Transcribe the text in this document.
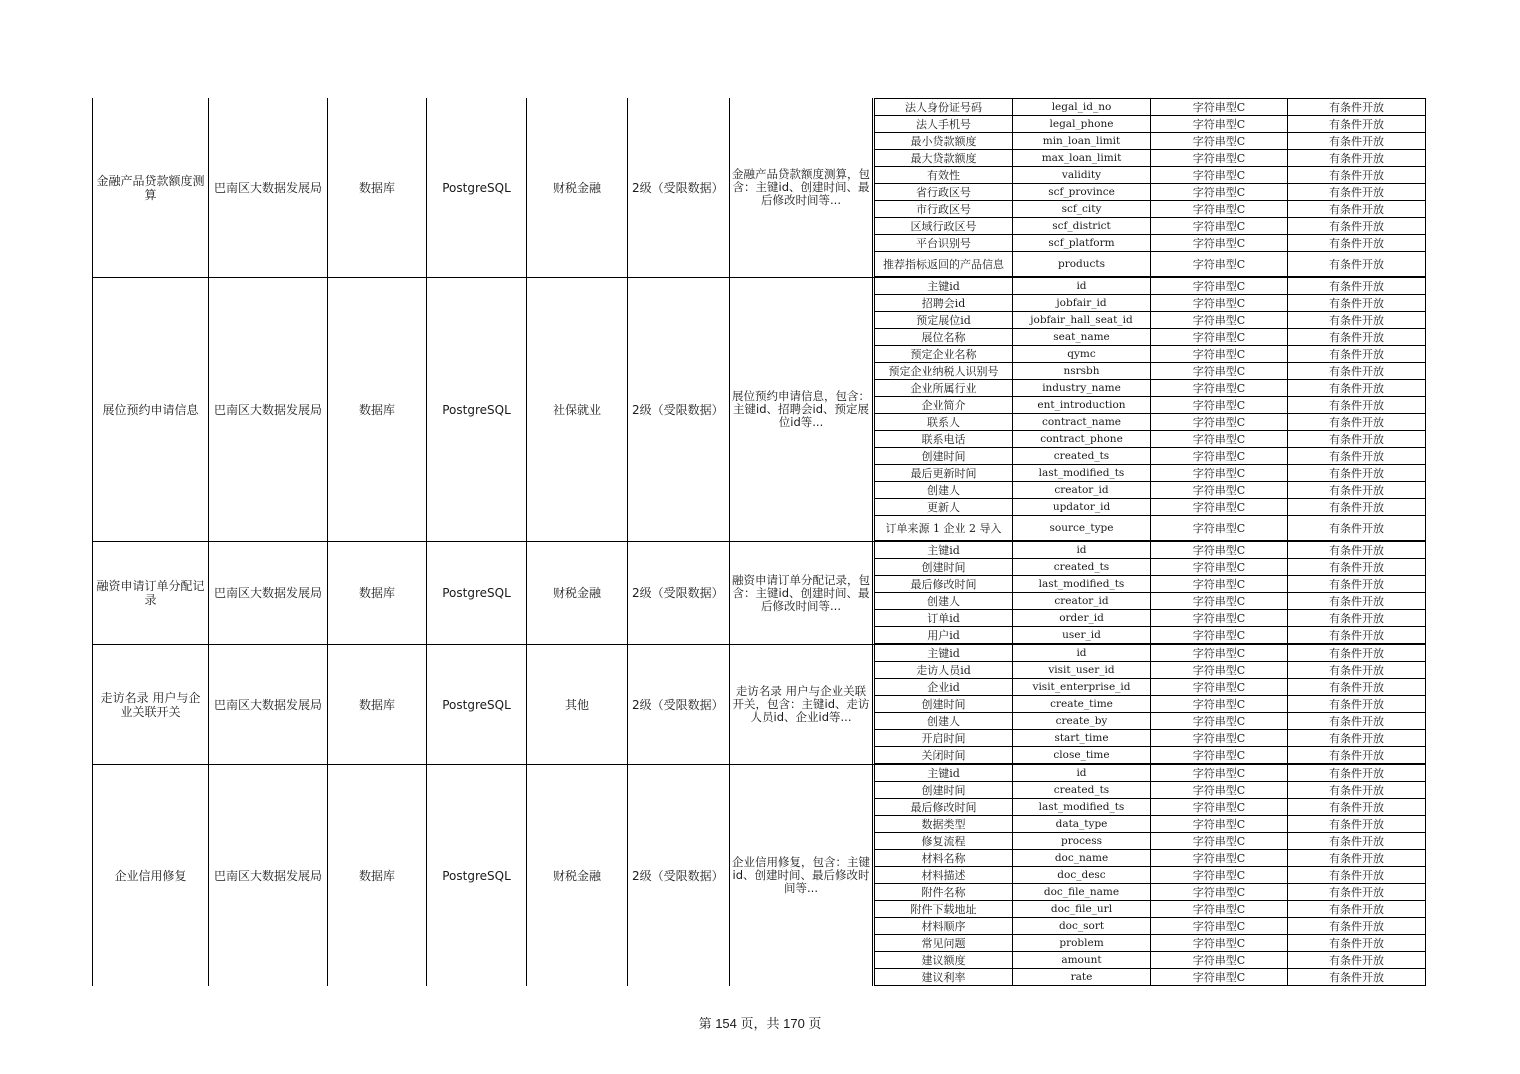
金融产品贷款额度测算	巴南区大数据发展局	数据库	PostgreSQL	财税金融	2级（受限数据）
金融产品贷款额度测算，包含：主键id、创建时间、最后修改时间等...
法人身份证号码	legal_id_no	字符串型C	有条件开放
法人手机号	legal_phone	字符串型C	有条件开放
最小贷款额度	min_loan_limit	字符串型C	有条件开放
最大贷款额度	max_loan_limit	字符串型C	有条件开放
有效性	validity	字符串型C	有条件开放
省行政区号	scf_province	字符串型C	有条件开放
市行政区号	scf_city	字符串型C	有条件开放
区域行政区号	scf_district	字符串型C	有条件开放
平台识别号	scf_platform	字符串型C	有条件开放
推荐指标返回的产品信息	products	字符串型C	有条件开放
展位预约申请信息	巴南区大数据发展局	数据库	PostgreSQL	社保就业	2级（受限数据）
展位预约申请信息，包含：主键id、招聘会id、预定展位id等...
主键id	id	字符串型C	有条件开放
招聘会id	jobfair_id	字符串型C	有条件开放
预定展位id	jobfair_hall_seat_id	字符串型C	有条件开放
展位名称	seat_name	字符串型C	有条件开放
预定企业名称	qymc	字符串型C	有条件开放
预定企业纳税人识别号	nsrsbh	字符串型C	有条件开放
企业所属行业	industry_name	字符串型C	有条件开放
企业简介	ent_introduction	字符串型C	有条件开放
联系人	contract_name	字符串型C	有条件开放
联系电话	contract_phone	字符串型C	有条件开放
创建时间	created_ts	字符串型C	有条件开放
最后更新时间	last_modified_ts	字符串型C	有条件开放
创建人	creator_id	字符串型C	有条件开放
更新人	updator_id	字符串型C	有条件开放
订单来源 1 企业 2 导入	source_type	字符串型C	有条件开放
融资申请订单分配记录	巴南区大数据发展局	数据库	PostgreSQL	财税金融	2级（受限数据）
融资申请订单分配记录，包含：主键id、创建时间、最后修改时间等...
主键id	id	字符串型C	有条件开放
创建时间	created_ts	字符串型C	有条件开放
最后修改时间	last_modified_ts	字符串型C	有条件开放
创建人	creator_id	字符串型C	有条件开放
订单id	order_id	字符串型C	有条件开放
用户id	user_id	字符串型C	有条件开放
走访名录 用户与企业关联开关	巴南区大数据发展局	数据库	PostgreSQL	其他	2级（受限数据）
走访名录 用户与企业关联开关，包含：主键id、走访人员id、企业id等...
主键id	id	字符串型C	有条件开放
走访人员id	visit_user_id	字符串型C	有条件开放
企业id	visit_enterprise_id	字符串型C	有条件开放
创建时间	create_time	字符串型C	有条件开放
创建人	create_by	字符串型C	有条件开放
开启时间	start_time	字符串型C	有条件开放
关闭时间	close_time	字符串型C	有条件开放
企业信用修复	巴南区大数据发展局	数据库	PostgreSQL	财税金融	2级（受限数据）
企业信用修复，包含：主键id、创建时间、最后修改时间等...
主键id	id	字符串型C	有条件开放
创建时间	created_ts	字符串型C	有条件开放
最后修改时间	last_modified_ts	字符串型C	有条件开放
数据类型	data_type	字符串型C	有条件开放
修复流程	process	字符串型C	有条件开放
材料名称	doc_name	字符串型C	有条件开放
材料描述	doc_desc	字符串型C	有条件开放
附件名称	doc_file_name	字符串型C	有条件开放
附件下载地址	doc_file_url	字符串型C	有条件开放
材料顺序	doc_sort	字符串型C	有条件开放
常见问题	problem	字符串型C	有条件开放
建议额度	amount	字符串型C	有条件开放
建议利率	rate	字符串型C	有条件开放
第 154 页，共 170 页
